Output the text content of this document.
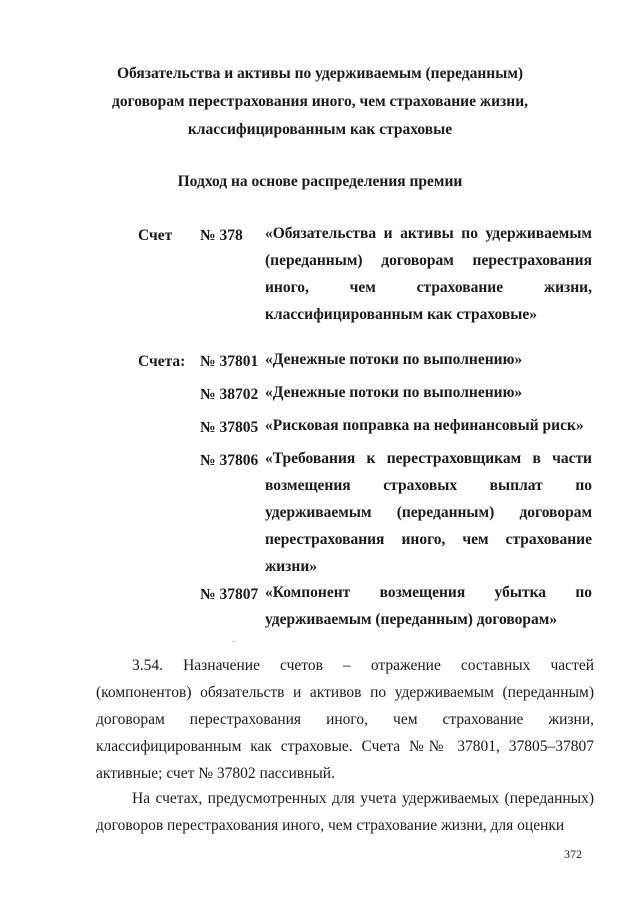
Обязательства и активы по удерживаемым (переданным) договорам перестрахования иного, чем страхование жизни, классифицированным как страховые
Подход на основе распределения премии
Счет № 378 «Обязательства и активы по удерживаемым (переданным) договорам перестрахования иного, чем страхование жизни, классифицированным как страховые»
Счета: № 37801 «Денежные потоки по выполнению»
№ 38702 «Денежные потоки по выполнению»
№ 37805 «Рисковая поправка на нефинансовый риск»
№ 37806 «Требования к перестраховщикам в части возмещения страховых выплат по удерживаемым (переданным) договорам перестрахования иного, чем страхование жизни»
№ 37807 «Компонент возмещения убытка по удерживаемым (переданным) договорам»
3.54. Назначение счетов – отражение составных частей (компонентов) обязательств и активов по удерживаемым (переданным) договорам перестрахования иного, чем страхование жизни, классифицированным как страховые. Счета №№ 37801, 37805–37807 активные; счет № 37802 пассивный.
На счетах, предусмотренных для учета удерживаемых (переданных) договоров перестрахования иного, чем страхование жизни, для оценки
372
